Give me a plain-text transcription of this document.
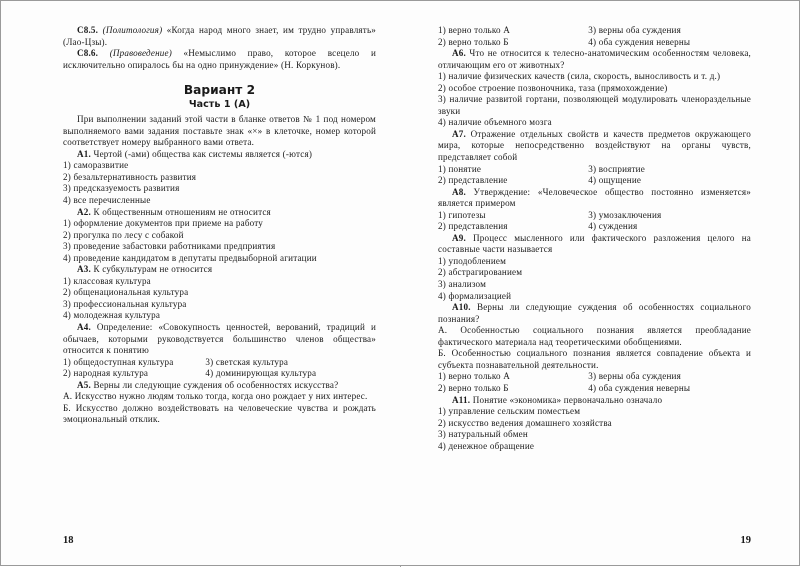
С8.5. (Политология) «Когда народ много знает, им трудно управлять» (Лао-Цзы).

С8.6. (Правоведение) «Немыслимо право, которое всецело и исключительно опиралось бы на одно принуждение» (Н. Коркунов).

Вариант 2

Часть 1 (А)

При выполнении заданий этой части в бланке ответов № 1 под номером выполняемого вами задания поставьте знак «×» в клеточке, номер которой соответствует номеру выбранного вами ответа.

А1. Чертой (-ами) общества как системы является (-ются)

1) саморазвитие

2) безальтернативность развития

3) предсказуемость развития

4) все перечисленные

А2. К общественным отношениям не относится

1) оформление документов при приеме на работу

2) прогулка по лесу с собакой

3) проведение забастовки работниками предприятия

4) проведение кандидатом в депутаты предвыборной агитации

А3. К субкультурам не относится

1) классовая культура

2) общенациональная культура

3) профессиональная культура

4) молодежная культура

А4. Определение: «Совокупность ценностей, верований, традиций и обычаев, которыми руководствуется большинство членов общества» относится к понятию

1) общедоступная культура	3) светская культура
2) народная культура	4) доминирующая культура

А5. Верны ли следующие суждения об особенностях искусства?

А. Искусство нужно людям только тогда, когда оно рождает у них интерес.

Б. Искусство должно воздействовать на человеческие чувства и рождать эмоциональный отклик.

18
1) верно только А	3) верны оба суждения
2) верно только Б	4) оба суждения неверны

А6. Что не относится к телесно-анатомическим особенностям человека, отличающим его от животных?

1) наличие физических качеств (сила, скорость, выносливость и т. д.)

2) особое строение позвоночника, таза (прямохождение)

3) наличие развитой гортани, позволяющей модулировать членораздельные звуки

4) наличие объемного мозга

А7. Отражение отдельных свойств и качеств предметов окружающего мира, которые непосредственно воздействуют на органы чувств, представляет собой

1) понятие	3) восприятие
2) представление	4) ощущение

А8. Утверждение: «Человеческое общество постоянно изменяется» является примером

1) гипотезы	3) умозаключения
2) представления	4) суждения

А9. Процесс мысленного или фактического разложения целого на составные части называется

1) уподоблением

2) абстрагированием

3) анализом

4) формализацией

А10. Верны ли следующие суждения об особенностях социального познания?

А. Особенностью социального познания является преобладание фактического материала над теоретическими обобщениями.

Б. Особенностью социального познания является совпадение объекта и субъекта познавательной деятельности.

1) верно только А	3) верны оба суждения
2) верно только Б	4) оба суждения неверны

А11. Понятие «экономика» первоначально означало

1) управление сельским поместьем

2) искусство ведения домашнего хозяйства

3) натуральный обмен

4) денежное обращение

19
